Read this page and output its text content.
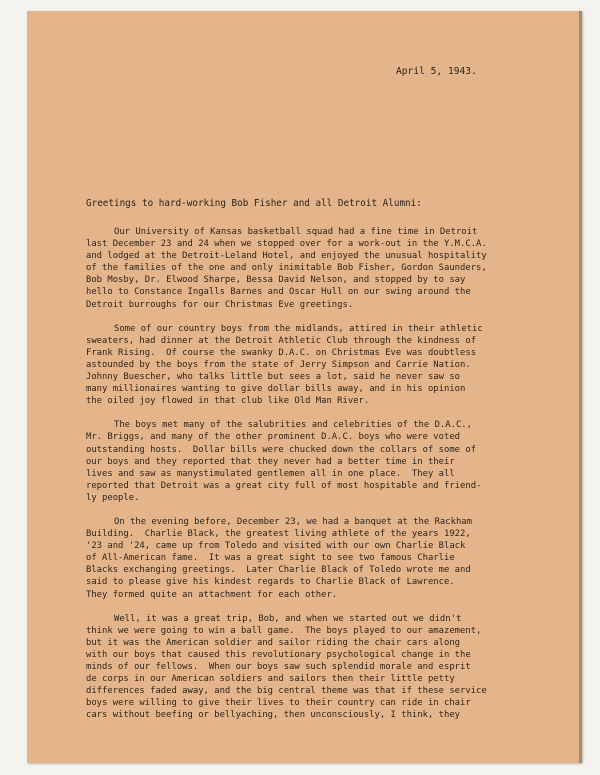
April 5, 1943.
Greetings to hard-working Bob Fisher and all Detroit Alumni:
Our University of Kansas basketball squad had a fine time in Detroit
last December 23 and 24 when we stopped over for a work-out in the Y.M.C.A.
and lodged at the Detroit-Leland Hotel, and enjoyed the unusual hospitality
of the families of the one and only inimitable Bob Fisher, Gordon Saunders,
Bob Mosby, Dr. Elwood Sharpe, Bessa David Nelson, and stopped by to say
hello to Constance Ingalls Barnes and Oscar Hull on our swing around the
Detroit burroughs for our Christmas Eve greetings.
Some of our country boys from the midlands, attired in their athletic
sweaters, had dinner at the Detroit Athletic Club through the kindness of
Frank Rising.  Of course the swanky D.A.C. on Christmas Eve was doubtless
astounded by the boys from the state of Jerry Simpson and Carrie Nation.
Johnny Buescher, who talks little but sees a lot, said he never saw so
many millionaires wanting to give dollar bills away, and in his opinion
the oiled joy flowed in that club like Old Man River.
The boys met many of the salubrities and celebrities of the D.A.C.,
Mr. Briggs, and many of the other prominent D.A.C. boys who were voted
outstanding hosts.  Dollar bills were chucked down the collars of some of
our boys and they reported that they never had a better time in their
lives and saw as manystimulated gentlemen all in one place.  They all
reported that Detroit was a great city full of most hospitable and friend-
ly people.
On the evening before, December 23, we had a banquet at the Rackham
Building.  Charlie Black, the greatest living athlete of the years 1922,
'23 and '24, came up from Toledo and visited with our own Charlie Black
of All-American fame.  It was a great sight to see two famous Charlie
Blacks exchanging greetings.  Later Charlie Black of Toledo wrote me and
said to please give his kindest regards to Charlie Black of Lawrence.
They formed quite an attachment for each other.
Well, it was a great trip, Bob, and when we started out we didn't
think we were going to win a ball game.  The boys played to our amazement,
but it was the American soldier and sailor riding the chair cars along
with our boys that caused this revolutionary psychological change in the
minds of our fellows.  When our boys saw such splendid morale and esprit
de corps in our American soldiers and sailors then their little petty
differences faded away, and the big central theme was that if these service
boys were willing to give their lives to their country can ride in chair
cars without beefing or bellyaching, then unconsciously, I think, they
